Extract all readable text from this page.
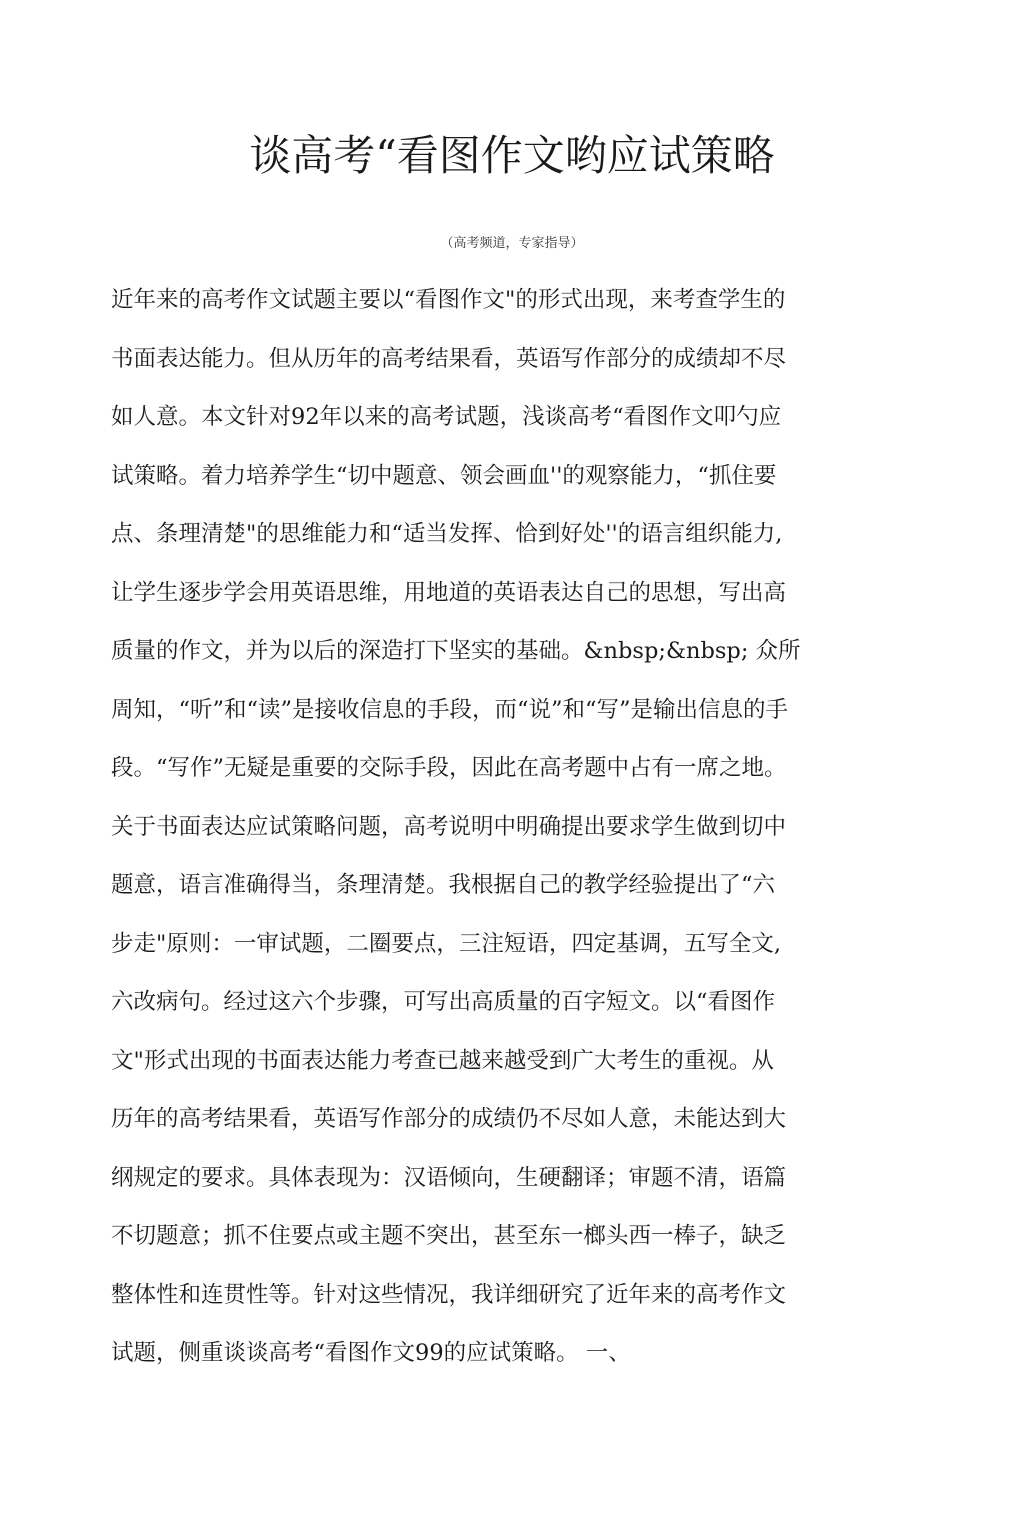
谈高考“看图作文哟应试策略
（高考频道，专家指导）
近年来的高考作文试题主要以“看图作文"的形式出现，来考查学生的
书面表达能力。但从历年的高考结果看，英语写作部分的成绩却不尽
如人意。本文针对92年以来的高考试题，浅谈高考“看图作文叩勺应
试策略。着力培养学生“切中题意、领会画血''的观察能力，“抓住要
点、条理清楚"的思维能力和“适当发挥、恰到好处''的语言组织能力,
让学生逐步学会用英语思维，用地道的英语表达自己的思想，写出高
质量的作文，并为以后的深造打下坚实的基础。&nbsp;&nbsp; 众所
周知，“听”和“读”是接收信息的手段，而“说”和“写”是输出信息的手
段。“写作”无疑是重要的交际手段，因此在高考题中占有一席之地。
关于书面表达应试策略问题，高考说明中明确提出要求学生做到切中
题意，语言准确得当，条理清楚。我根据自己的教学经验提出了“六
步走"原则：一审试题，二圈要点，三注短语，四定基调，五写全文,
六改病句。经过这六个步骤，可写出高质量的百字短文。以“看图作
文"形式出现的书面表达能力考查已越来越受到广大考生的重视。从
历年的高考结果看，英语写作部分的成绩仍不尽如人意，未能达到大
纲规定的要求。具体表现为：汉语倾向，生硬翻译；审题不清，语篇
不切题意；抓不住要点或主题不突出，甚至东一榔头西一棒子，缺乏
整体性和连贯性等。针对这些情况，我详细研究了近年来的高考作文
试题，侧重谈谈高考“看图作文99的应试策略。 一、
